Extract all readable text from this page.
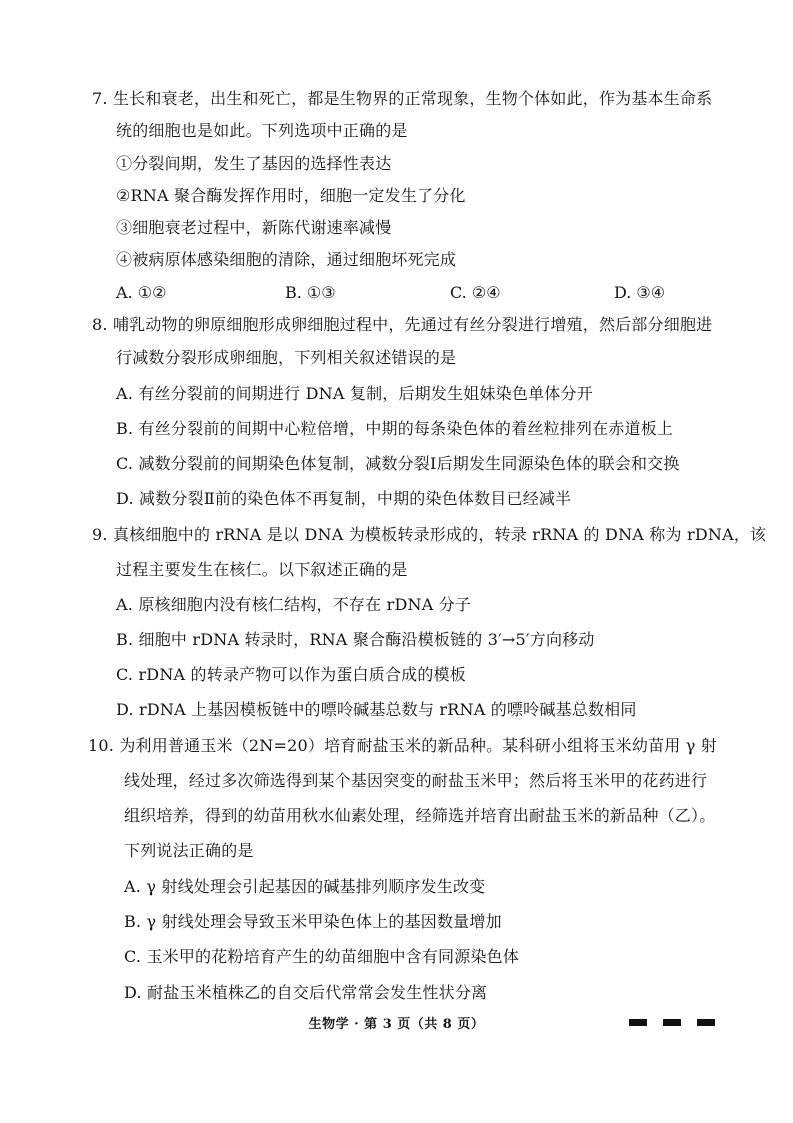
7. 生长和衰老，出生和死亡，都是生物界的正常现象，生物个体如此，作为基本生命系
统的细胞也是如此。下列选项中正确的是
①分裂间期，发生了基因的选择性表达
②RNA 聚合酶发挥作用时，细胞一定发生了分化
③细胞衰老过程中，新陈代谢速率减慢
④被病原体感染细胞的清除，通过细胞坏死完成
A. ①②	B. ①③	C. ②④	D. ③④
8. 哺乳动物的卵原细胞形成卵细胞过程中，先通过有丝分裂进行增殖，然后部分细胞进
行减数分裂形成卵细胞，下列相关叙述错误的是
A. 有丝分裂前的间期进行 DNA 复制，后期发生姐妹染色单体分开
B. 有丝分裂前的间期中心粒倍增，中期的每条染色体的着丝粒排列在赤道板上
C. 减数分裂前的间期染色体复制，减数分裂Ⅰ后期发生同源染色体的联会和交换
D. 减数分裂Ⅱ前的染色体不再复制，中期的染色体数目已经减半
9. 真核细胞中的 rRNA 是以 DNA 为模板转录形成的，转录 rRNA 的 DNA 称为 rDNA，该
过程主要发生在核仁。以下叙述正确的是
A. 原核细胞内没有核仁结构，不存在 rDNA 分子
B. 细胞中 rDNA 转录时，RNA 聚合酶沿模板链的 3′→5′方向移动
C. rDNA 的转录产物可以作为蛋白质合成的模板
D. rDNA 上基因模板链中的嘌呤碱基总数与 rRNA 的嘌呤碱基总数相同
10. 为利用普通玉米（2N=20）培育耐盐玉米的新品种。某科研小组将玉米幼苗用 γ 射
线处理，经过多次筛选得到某个基因突变的耐盐玉米甲；然后将玉米甲的花药进行
组织培养，得到的幼苗用秋水仙素处理，经筛选并培育出耐盐玉米的新品种（乙）。
下列说法正确的是
A. γ 射线处理会引起基因的碱基排列顺序发生改变
B. γ 射线处理会导致玉米甲染色体上的基因数量增加
C. 玉米甲的花粉培育产生的幼苗细胞中含有同源染色体
D. 耐盐玉米植株乙的自交后代常常会发生性状分离
生物学 · 第 3 页（共 8 页）
